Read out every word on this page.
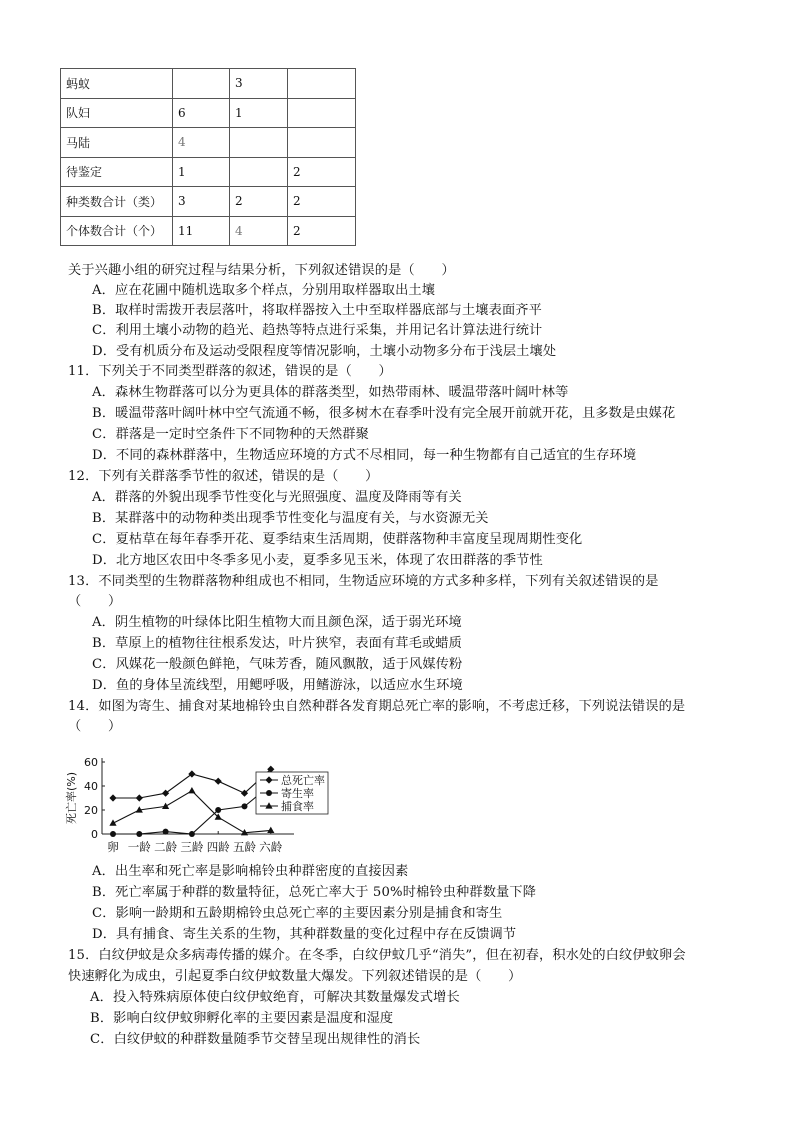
蚂蚁		3	
队妇	6	1	
马陆	4		
待鉴定	1		2
种类数合计（类）	3	2	2
个体数合计（个）	11	4	2
关于兴趣小组的研究过程与结果分析，下列叙述错误的是（　　）
A．应在花圃中随机选取多个样点，分别用取样器取出土壤
B．取样时需拨开表层落叶，将取样器按入土中至取样器底部与土壤表面齐平
C．利用土壤小动物的趋光、趋热等特点进行采集，并用记名计算法进行统计
D．受有机质分布及运动受限程度等情况影响，土壤小动物多分布于浅层土壤处
11．下列关于不同类型群落的叙述，错误的是（　　）
A．森林生物群落可以分为更具体的群落类型，如热带雨林、暖温带落叶阔叶林等
B．暖温带落叶阔叶林中空气流通不畅，很多树木在春季叶没有完全展开前就开花，且多数是虫媒花
C．群落是一定时空条件下不同物种的天然群聚
D．不同的森林群落中，生物适应环境的方式不尽相同，每一种生物都有自己适宜的生存环境
12．下列有关群落季节性的叙述，错误的是（　　）
A．群落的外貌出现季节性变化与光照强度、温度及降雨等有关
B．某群落中的动物种类出现季节性变化与温度有关，与水资源无关
C．夏枯草在每年春季开花、夏季结束生活周期，使群落物种丰富度呈现周期性变化
D．北方地区农田中冬季多见小麦，夏季多见玉米，体现了农田群落的季节性
13．不同类型的生物群落物种组成也不相同，生物适应环境的方式多种多样，下列有关叙述错误的是
（　　）
A．阴生植物的叶绿体比阳生植物大而且颜色深，适于弱光环境
B．草原上的植物往往根系发达，叶片狭窄，表面有茸毛或蜡质
C．风媒花一般颜色鲜艳，气味芳香，随风飘散，适于风媒传粉
D．鱼的身体呈流线型，用鳃呼吸，用鳍游泳，以适应水生环境
14．如图为寄生、捕食对某地棉铃虫自然种群各发育期总死亡率的影响，不考虑迁移，下列说法错误的是
（　　）
0
20
40
60
死亡率(%)
卵 一龄 二龄 三龄 四龄 五龄 六龄
总死亡率
寄生率
捕食率
A．出生率和死亡率是影响棉铃虫种群密度的直接因素
B．死亡率属于种群的数量特征，总死亡率大于 50%时棉铃虫种群数量下降
C．影响一龄期和五龄期棉铃虫总死亡率的主要因素分别是捕食和寄生
D．具有捕食、寄生关系的生物，其种群数量的变化过程中存在反馈调节
15．白纹伊蚊是众多病毒传播的媒介。在冬季，白纹伊蚊几乎“消失”，但在初春，积水处的白纹伊蚊卵会
快速孵化为成虫，引起夏季白纹伊蚊数量大爆发。下列叙述错误的是（　　）
A．投入特殊病原体使白纹伊蚊绝育，可解决其数量爆发式增长
B．影响白纹伊蚊卵孵化率的主要因素是温度和湿度
C．白纹伊蚊的种群数量随季节交替呈现出规律性的消长
